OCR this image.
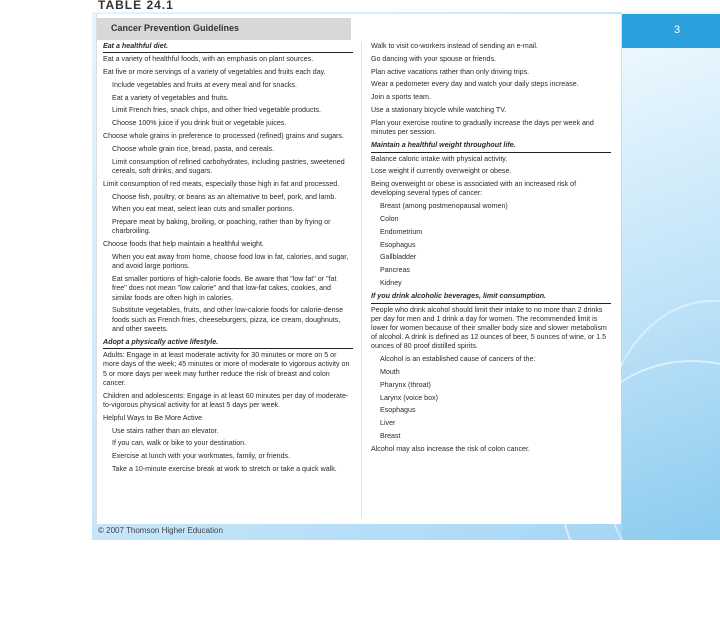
3
TABLE 24.1
Cancer Prevention Guidelines
Eat a healthful diet.
Eat a variety of healthful foods, with an emphasis on plant sources.
Eat five or more servings of a variety of vegetables and fruits each day.
Include vegetables and fruits at every meal and for snacks.
Eat a variety of vegetables and fruits.
Limit French fries, snack chips, and other fried vegetable products.
Choose 100% juice if you drink fruit or vegetable juices.
Choose whole grains in preference to processed (refined) grains and sugars.
Choose whole grain rice, bread, pasta, and cereals.
Limit consumption of refined carbohydrates, including pastries, sweetened cereals, soft drinks, and sugars.
Limit consumption of red meats, especially those high in fat and processed.
Choose fish, poultry, or beans as an alternative to beef, pork, and lamb.
When you eat meat, select lean cuts and smaller portions.
Prepare meat by baking, broiling, or poaching, rather than by frying or charbroiling.
Choose foods that help maintain a healthful weight.
When you eat away from home, choose food low in fat, calories, and sugar, and avoid large portions.
Eat smaller portions of high-calorie foods. Be aware that "low fat" or "fat free" does not mean "low calorie" and that low-fat cakes, cookies, and similar foods are often high in calories.
Substitute vegetables, fruits, and other low-calorie foods for calorie-dense foods such as French fries, cheeseburgers, pizza, ice cream, doughnuts, and other sweets.
Adopt a physically active lifestyle.
Adults: Engage in at least moderate activity for 30 minutes or more on 5 or more days of the week; 45 minutes or more of moderate to vigorous activity on 5 or more days per week may further reduce the risk of breast and colon cancer.
Children and adolescents: Engage in at least 60 minutes per day of moderate-to-vigorous physical activity for at least 5 days per week.
Helpful Ways to Be More Active
Use stairs rather than an elevator.
If you can, walk or bike to your destination.
Exercise at lunch with your workmates, family, or friends.
Take a 10-minute exercise break at work to stretch or take a quick walk.
Walk to visit co-workers instead of sending an e-mail.
Go dancing with your spouse or friends.
Plan active vacations rather than only driving trips.
Wear a pedometer every day and watch your daily steps increase.
Join a sports team.
Use a stationary bicycle while watching TV.
Plan your exercise routine to gradually increase the days per week and minutes per session.
Maintain a healthful weight throughout life.
Balance caloric intake with physical activity.
Lose weight if currently overweight or obese.
Being overweight or obese is associated with an increased risk of developing several types of cancer:
Breast (among postmenopausal women)
Colon
Endometrium
Esophagus
Gallbladder
Pancreas
Kidney
If you drink alcoholic beverages, limit consumption.
People who drink alcohol should limit their intake to no more than 2 drinks per day for men and 1 drink a day for women. The recommended limit is lower for women because of their smaller body size and slower metabolism of alcohol. A drink is defined as 12 ounces of beer, 5 ounces of wine, or 1.5 ounces of 80 proof distilled spirits.
Alcohol is an established cause of cancers of the:
Mouth
Pharynx (throat)
Larynx (voice box)
Esophagus
Liver
Breast
Alcohol may also increase the risk of colon cancer.
© 2007 Thomson Higher Education
